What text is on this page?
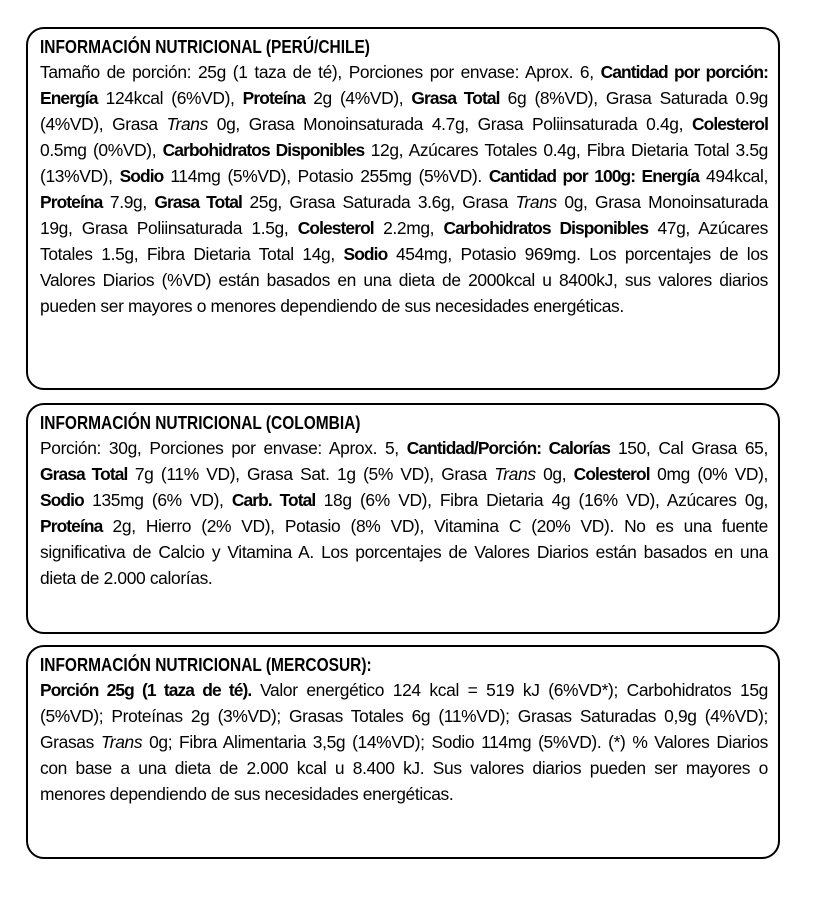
INFORMACIÓN NUTRICIONAL (PERÚ/CHILE)
Tamaño de porción: 25g (1 taza de té), Porciones por envase: Aprox. 6, Cantidad por porción: Energía 124kcal (6%VD), Proteína 2g (4%VD), Grasa Total 6g (8%VD), Grasa Saturada 0.9g (4%VD), Grasa Trans 0g, Grasa Monoinsaturada 4.7g, Grasa Poliinsaturada 0.4g, Colesterol 0.5mg (0%VD), Carbohidratos Disponibles 12g, Azúcares Totales 0.4g, Fibra Dietaria Total 3.5g (13%VD), Sodio 114mg (5%VD), Potasio 255mg (5%VD). Cantidad por 100g: Energía 494kcal, Proteína 7.9g, Grasa Total 25g, Grasa Saturada 3.6g, Grasa Trans 0g, Grasa Monoinsaturada 19g, Grasa Poliinsaturada 1.5g, Colesterol 2.2mg, Carbohidratos Disponibles 47g, Azúcares Totales 1.5g, Fibra Dietaria Total 14g, Sodio 454mg, Potasio 969mg. Los porcentajes de los Valores Diarios (%VD) están basados en una dieta de 2000kcal u 8400kJ, sus valores diarios pueden ser mayores o menores dependiendo de sus necesidades energéticas.
INFORMACIÓN NUTRICIONAL (COLOMBIA)
Porción: 30g, Porciones por envase: Aprox. 5, Cantidad/Porción: Calorías 150, Cal Grasa 65, Grasa Total 7g (11% VD), Grasa Sat. 1g (5% VD), Grasa Trans 0g, Colesterol 0mg (0% VD), Sodio 135mg (6% VD), Carb. Total 18g (6% VD), Fibra Dietaria 4g (16% VD), Azúcares 0g, Proteína 2g, Hierro (2% VD), Potasio (8% VD), Vitamina C (20% VD). No es una fuente significativa de Calcio y Vitamina A. Los porcentajes de Valores Diarios están basados en una dieta de 2.000 calorías.
INFORMACIÓN NUTRICIONAL (MERCOSUR):
Porción 25g (1 taza de té). Valor energético 124 kcal = 519 kJ (6%VD*); Carbohidratos 15g (5%VD); Proteínas 2g (3%VD); Grasas Totales 6g (11%VD); Grasas Saturadas 0,9g (4%VD); Grasas Trans 0g; Fibra Alimentaria 3,5g (14%VD); Sodio 114mg (5%VD). (*) % Valores Diarios con base a una dieta de 2.000 kcal u 8.400 kJ. Sus valores diarios pueden ser mayores o menores dependiendo de sus necesidades energéticas.
